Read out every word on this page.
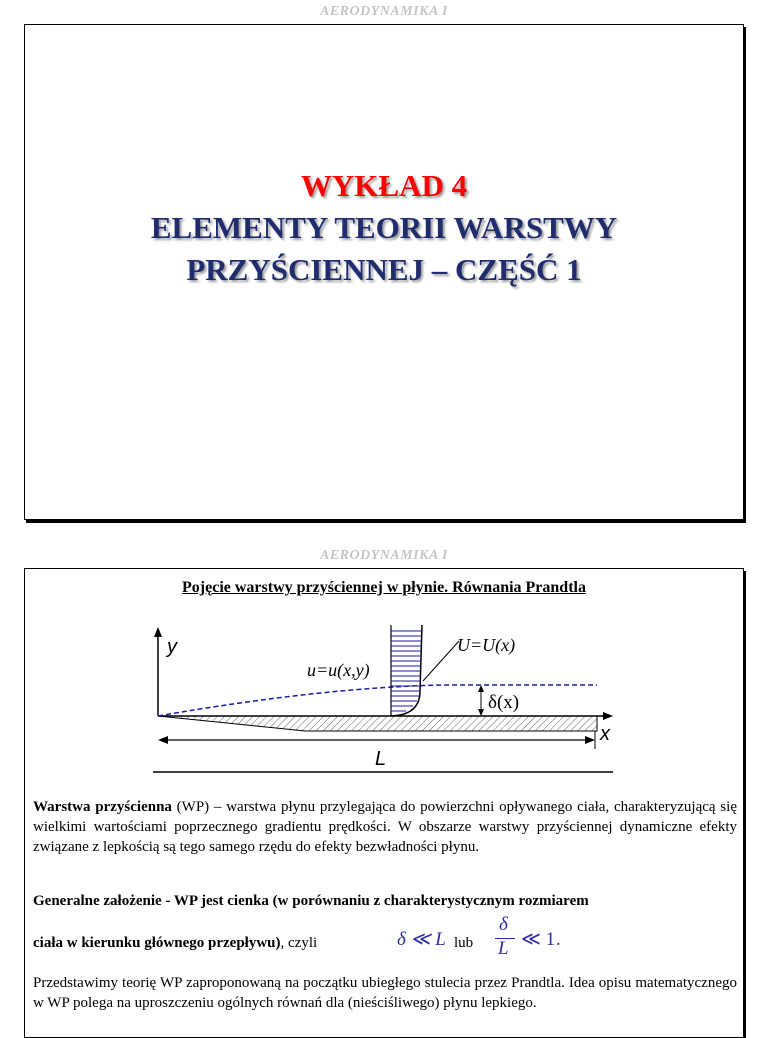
AERODYNAMIKA I
WYKŁAD 4
ELEMENTY TEORII WARSTWY
PRZYŚCIENNEJ – CZĘŚĆ 1
AERODYNAMIKA I
Pojęcie warstwy przyściennej w płynie. Równania Prandtla
y
x
U=U(x)
u=u(x,y)
δ(x)
L
Warstwa przyścienna (WP) – warstwa płynu przylegająca do powierzchni opływanego ciała, charakteryzującą się wielkimi wartościami poprzecznego gradientu prędkości. W obszarze warstwy przyściennej dynamiczne efekty związane z lepkością są tego samego rzędu do efekty bezwładności płynu.
Generalne założenie - WP jest cienka (w porównaniu z charakterystycznym rozmiarem
ciała w kierunku głównego przepływu), czyli	δ ≪ L lub
δ
L ≪ 1 .
Przedstawimy teorię WP zaproponowaną na początku ubiegłego stulecia przez Prandtla. Idea opisu matematycznego w WP polega na uproszczeniu ogólnych równań dla (nieściśliwego) płynu lepkiego.
